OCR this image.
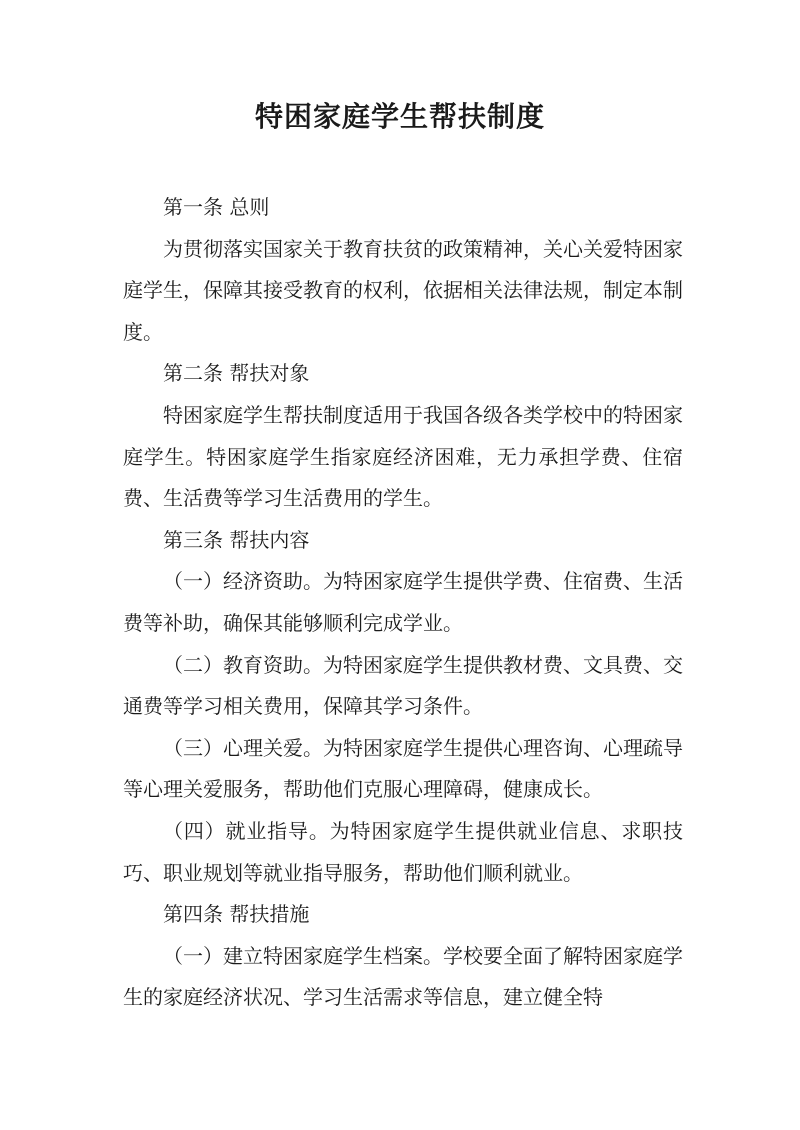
特困家庭学生帮扶制度

第一条 总则

为贯彻落实国家关于教育扶贫的政策精神，关心关爱特困家庭学生，保障其接受教育的权利，依据相关法律法规，制定本制度。

第二条 帮扶对象

特困家庭学生帮扶制度适用于我国各级各类学校中的特困家庭学生。特困家庭学生指家庭经济困难，无力承担学费、住宿费、生活费等学习生活费用的学生。

第三条 帮扶内容

（一）经济资助。为特困家庭学生提供学费、住宿费、生活费等补助，确保其能够顺利完成学业。

（二）教育资助。为特困家庭学生提供教材费、文具费、交通费等学习相关费用，保障其学习条件。

（三）心理关爱。为特困家庭学生提供心理咨询、心理疏导等心理关爱服务，帮助他们克服心理障碍，健康成长。

（四）就业指导。为特困家庭学生提供就业信息、求职技巧、职业规划等就业指导服务，帮助他们顺利就业。

第四条 帮扶措施

（一）建立特困家庭学生档案。学校要全面了解特困家庭学生的家庭经济状况、学习生活需求等信息，建立健全特
